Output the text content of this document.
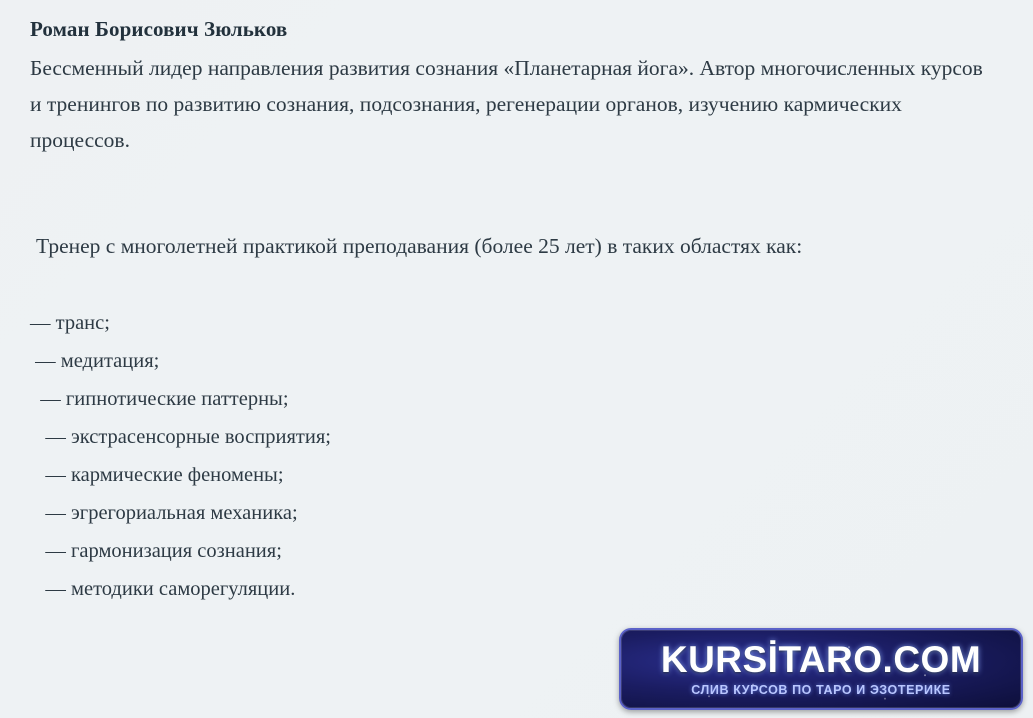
Роман Борисович Зюльков

Бессменный лидер направления развития сознания «Планетарная йога». Автор многочисленных курсов и тренингов по развитию сознания, подсознания, регенерации органов, изучению кармических процессов.

Тренер с многолетней практикой преподавания (более 25 лет) в таких областях как:

— транс;
— медитация;
— гипнотические паттерны;
— экстрасенсорные восприятия;
— кармические феномены;
— эгрегориальная механика;
— гармонизация сознания;
— методики саморегуляции.
KURSİTARO.COM
СЛИВ КУРСОВ ПО ТАРО И ЭЗОТЕРИКЕ
